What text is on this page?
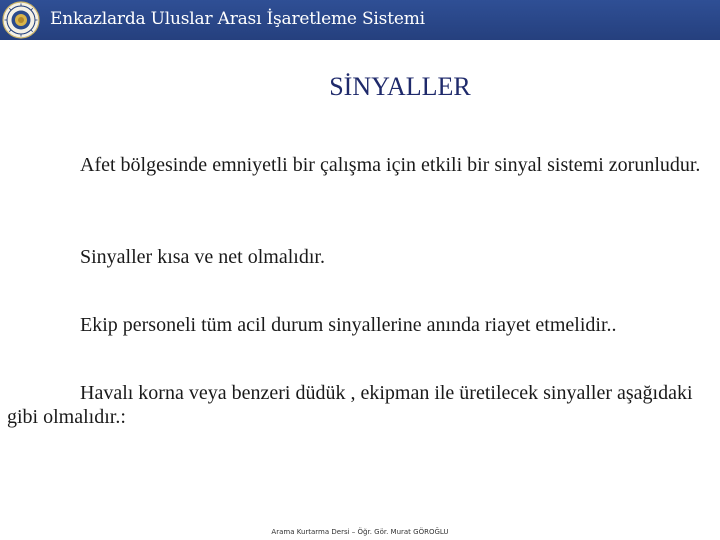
Enkazlarda Uluslar Arası İşaretleme Sistemi
SİNYALLER

Afet bölgesinde emniyetli bir çalışma için etkili bir sinyal sistemi zorunludur.

Sinyaller kısa ve net olmalıdır.

Ekip personeli tüm acil durum sinyallerine anında riayet etmelidir..

Havalı korna veya benzeri düdük , ekipman ile üretilecek sinyaller aşağıdaki gibi olmalıdır.:

Arama Kurtarma Dersi – Öğr. Gör. Murat GÖROĞLU
